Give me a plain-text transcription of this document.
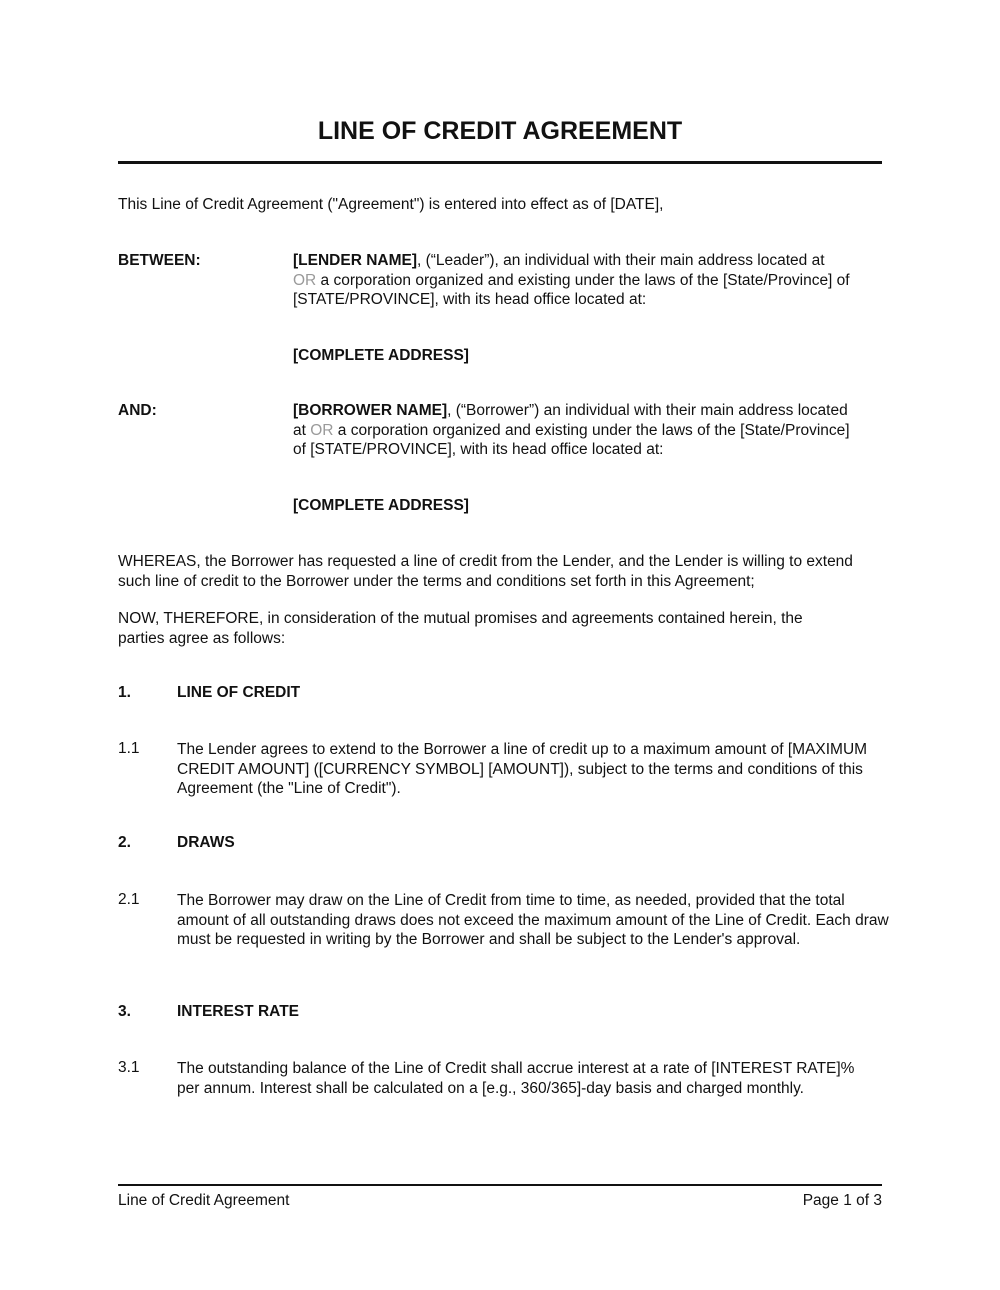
LINE OF CREDIT AGREEMENT
This Line of Credit Agreement ("Agreement") is entered into effect as of [DATE],
BETWEEN:	[LENDER NAME], (“Leader”), an individual with their main address located at
OR a corporation organized and existing under the laws of the [State/Province] of
[STATE/PROVINCE], with its head office located at:
[COMPLETE ADDRESS]
AND:	[BORROWER NAME], (“Borrower”) an individual with their main address located
at OR a corporation organized and existing under the laws of the [State/Province]
of [STATE/PROVINCE], with its head office located at:
[COMPLETE ADDRESS]
WHEREAS, the Borrower has requested a line of credit from the Lender, and the Lender is willing to extend such line of credit to the Borrower under the terms and conditions set forth in this Agreement;
NOW, THEREFORE, in consideration of the mutual promises and agreements contained herein, the parties agree as follows:
1.	LINE OF CREDIT
1.1 The Lender agrees to extend to the Borrower a line of credit up to a maximum amount of [MAXIMUM CREDIT AMOUNT] ([CURRENCY SYMBOL] [AMOUNT]), subject to the terms and conditions of this Agreement (the "Line of Credit").
2.	DRAWS
2.1 The Borrower may draw on the Line of Credit from time to time, as needed, provided that the total amount of all outstanding draws does not exceed the maximum amount of the Line of Credit. Each draw must be requested in writing by the Borrower and shall be subject to the Lender's approval.
3.	INTEREST RATE
3.1 The outstanding balance of the Line of Credit shall accrue interest at a rate of [INTEREST RATE]% per annum. Interest shall be calculated on a [e.g., 360/365]-day basis and charged monthly.
Line of Credit Agreement	Page 1 of 3
